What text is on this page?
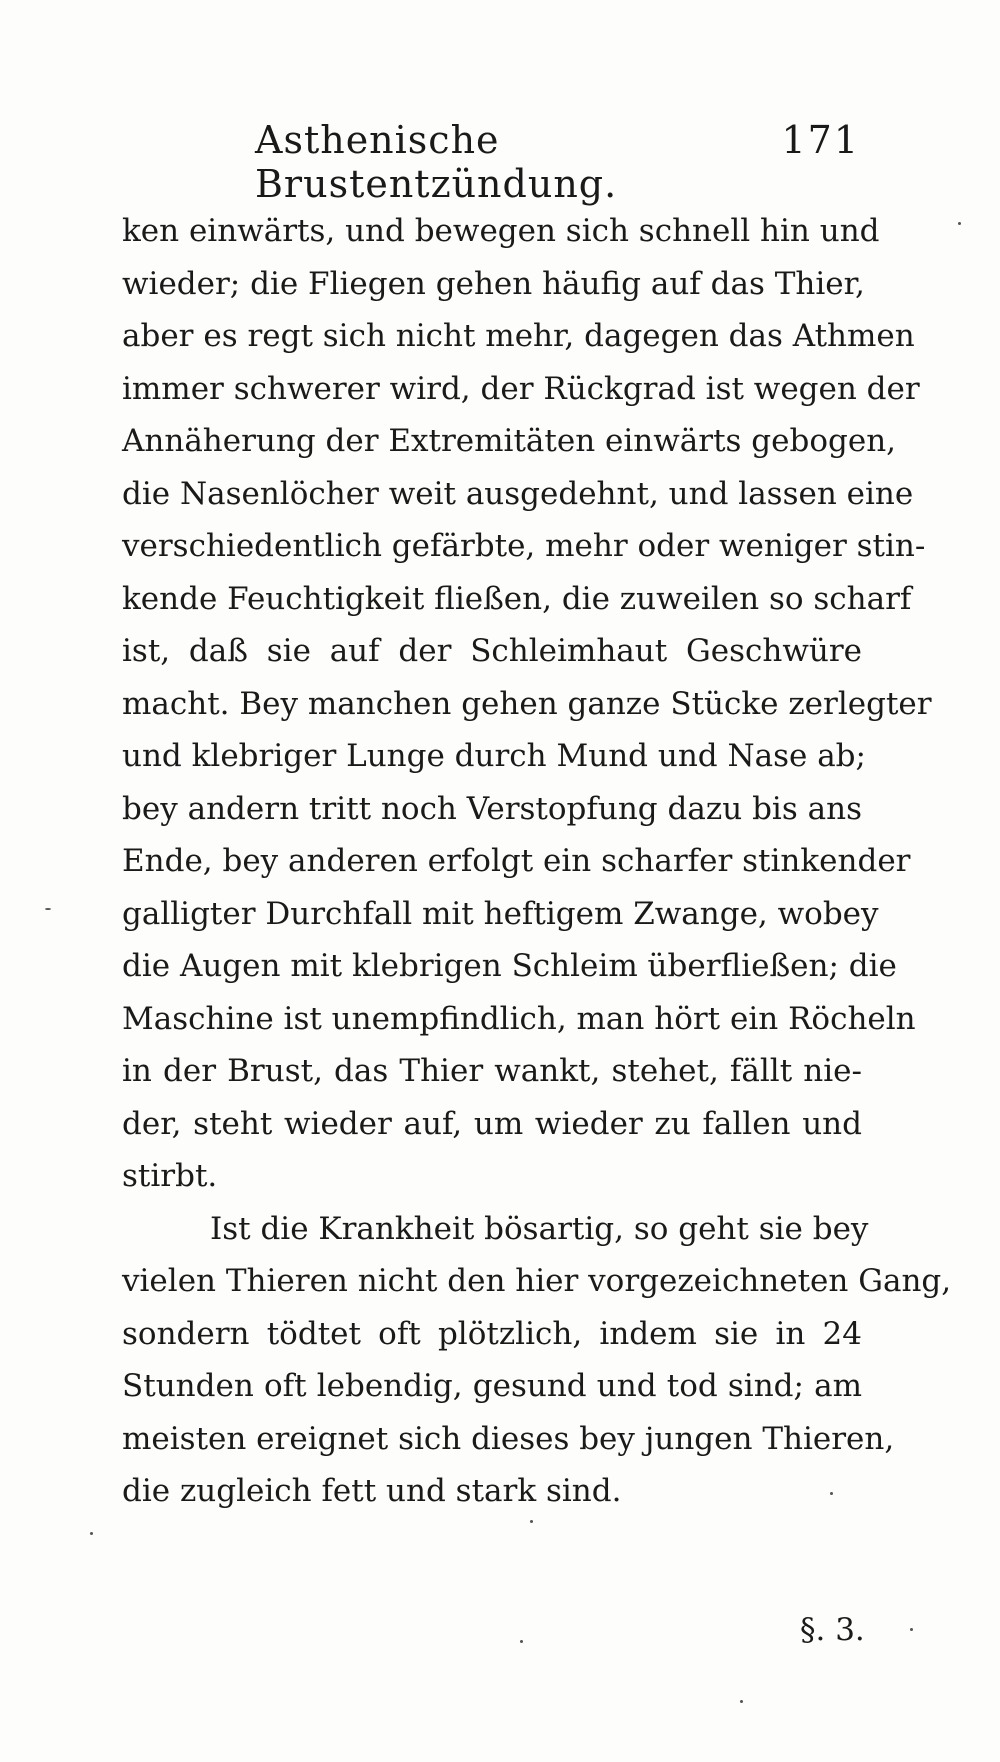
Asthenische Brustentzündung.
171
ken einwärts, und bewegen sich schnell hin und
wieder; die Fliegen gehen häufig auf das Thier,
aber es regt sich nicht mehr, dagegen das Athmen
immer schwerer wird, der Rückgrad ist wegen der
Annäherung der Extremitäten einwärts gebogen,
die Nasenlöcher weit ausgedehnt, und lassen eine
verschiedentlich gefärbte, mehr oder weniger stin-
kende Feuchtigkeit fließen, die zuweilen so scharf
ist, daß sie auf der Schleimhaut Geschwüre
macht. Bey manchen gehen ganze Stücke zerlegter
und klebriger Lunge durch Mund und Nase ab;
bey andern tritt noch Verstopfung dazu bis ans
Ende, bey anderen erfolgt ein scharfer stinkender
galligter Durchfall mit heftigem Zwange, wobey
die Augen mit klebrigen Schleim überfließen; die
Maschine ist unempfindlich, man hört ein Röcheln
in der Brust, das Thier wankt, stehet, fällt nie-
der, steht wieder auf, um wieder zu fallen und
stirbt.
Ist die Krankheit bösartig, so geht sie bey
vielen Thieren nicht den hier vorgezeichneten Gang,
sondern tödtet oft plötzlich, indem sie in 24
Stunden oft lebendig, gesund und tod sind; am
meisten ereignet sich dieses bey jungen Thieren,
die zugleich fett und stark sind.
§. 3.
